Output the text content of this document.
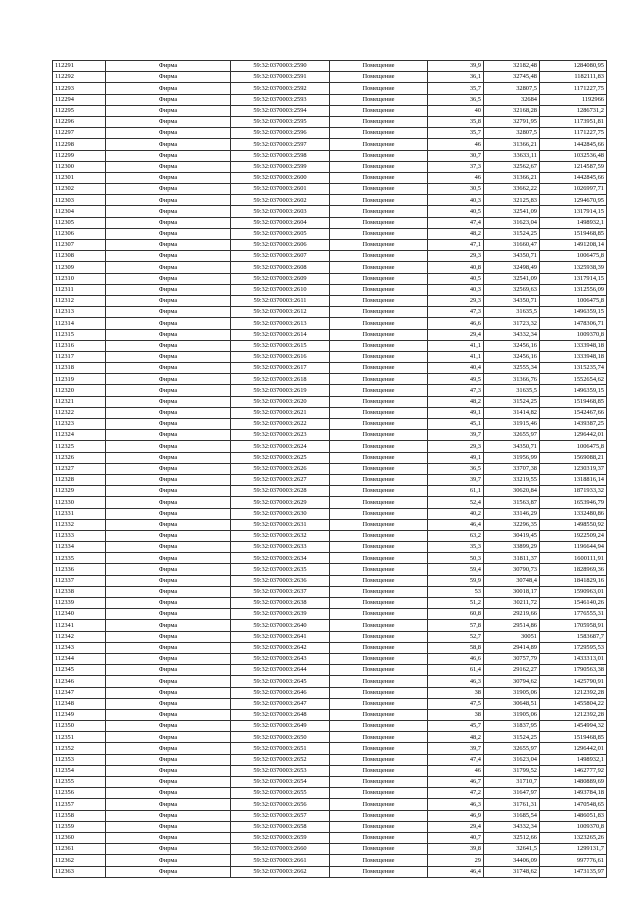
112291	Фирма	59:32:0370003:2590	Помещение	39,9	32182,48	1284080,95
112292	Фирма	59:32:0370003:2591	Помещение	36,1	32745,48	1182111,83
112293	Фирма	59:32:0370003:2592	Помещение	35,7	32807,5	1171227,75
112294	Фирма	59:32:0370003:2593	Помещение	36,5	32684	1192966
112295	Фирма	59:32:0370003:2594	Помещение	40	32168,28	1286731,2
112296	Фирма	59:32:0370003:2595	Помещение	35,8	32791,95	1173951,81
112297	Фирма	59:32:0370003:2596	Помещение	35,7	32807,5	1171227,75
112298	Фирма	59:32:0370003:2597	Помещение	46	31366,21	1442845,66
112299	Фирма	59:32:0370003:2598	Помещение	30,7	33633,11	1032536,48
112300	Фирма	59:32:0370003:2599	Помещение	37,3	32562,67	1214587,59
112301	Фирма	59:32:0370003:2600	Помещение	46	31366,21	1442845,66
112302	Фирма	59:32:0370003:2601	Помещение	30,5	33662,22	1026997,71
112303	Фирма	59:32:0370003:2602	Помещение	40,3	32125,83	1294670,95
112304	Фирма	59:32:0370003:2603	Помещение	40,5	32541,09	1317914,15
112305	Фирма	59:32:0370003:2604	Помещение	47,4	31623,04	1498932,1
112306	Фирма	59:32:0370003:2605	Помещение	48,2	31524,25	1519468,85
112307	Фирма	59:32:0370003:2606	Помещение	47,1	31660,47	1491208,14
112308	Фирма	59:32:0370003:2607	Помещение	29,3	34350,71	1006475,8
112309	Фирма	59:32:0370003:2608	Помещение	40,8	32498,49	1325938,39
112310	Фирма	59:32:0370003:2609	Помещение	40,5	32541,09	1317914,15
112311	Фирма	59:32:0370003:2610	Помещение	40,3	32569,63	1312556,09
112312	Фирма	59:32:0370003:2611	Помещение	29,3	34350,71	1006475,8
112313	Фирма	59:32:0370003:2612	Помещение	47,3	31635,5	1496359,15
112314	Фирма	59:32:0370003:2613	Помещение	46,6	31723,32	1478306,71
112315	Фирма	59:32:0370003:2614	Помещение	29,4	34332,34	1009370,8
112316	Фирма	59:32:0370003:2615	Помещение	41,1	32456,16	1333948,18
112317	Фирма	59:32:0370003:2616	Помещение	41,1	32456,16	1333948,18
112318	Фирма	59:32:0370003:2617	Помещение	40,4	32555,34	1315235,74
112319	Фирма	59:32:0370003:2618	Помещение	49,5	31366,76	1552654,62
112320	Фирма	59:32:0370003:2619	Помещение	47,3	31635,5	1496359,15
112321	Фирма	59:32:0370003:2620	Помещение	48,2	31524,25	1519468,85
112322	Фирма	59:32:0370003:2621	Помещение	49,1	31414,82	1542467,66
112323	Фирма	59:32:0370003:2622	Помещение	45,1	31915,46	1439387,25
112324	Фирма	59:32:0370003:2623	Помещение	39,7	32655,97	1296442,01
112325	Фирма	59:32:0370003:2624	Помещение	29,3	34350,71	1006475,8
112326	Фирма	59:32:0370003:2625	Помещение	49,1	31956,99	1569088,21
112327	Фирма	59:32:0370003:2626	Помещение	36,5	33707,38	1230319,37
112328	Фирма	59:32:0370003:2627	Помещение	39,7	33219,55	1318816,14
112329	Фирма	59:32:0370003:2628	Помещение	61,1	30620,84	1871933,32
112330	Фирма	59:32:0370003:2629	Помещение	52,4	31563,87	1653946,79
112331	Фирма	59:32:0370003:2630	Помещение	40,2	33146,29	1332480,86
112332	Фирма	59:32:0370003:2631	Помещение	46,4	32296,35	1498550,92
112333	Фирма	59:32:0370003:2632	Помещение	63,2	30419,45	1922509,24
112334	Фирма	59:32:0370003:2633	Помещение	35,3	33899,29	1196644,94
112335	Фирма	59:32:0370003:2634	Помещение	50,3	31811,37	1600111,91
112336	Фирма	59:32:0370003:2635	Помещение	59,4	30790,73	1828969,36
112337	Фирма	59:32:0370003:2636	Помещение	59,9	30748,4	1841829,16
112338	Фирма	59:32:0370003:2637	Помещение	53	30018,17	1590963,01
112339	Фирма	59:32:0370003:2638	Помещение	51,2	30211,72	1546140,26
112340	Фирма	59:32:0370003:2639	Помещение	60,8	29219,66	1776555,31
112341	Фирма	59:32:0370003:2640	Помещение	57,8	29514,86	1705958,91
112342	Фирма	59:32:0370003:2641	Помещение	52,7	30051	1583687,7
112343	Фирма	59:32:0370003:2642	Помещение	58,8	29414,89	1729595,53
112344	Фирма	59:32:0370003:2643	Помещение	46,6	30757,79	1433313,01
112345	Фирма	59:32:0370003:2644	Помещение	61,4	29162,27	1790563,38
112346	Фирма	59:32:0370003:2645	Помещение	46,3	30794,62	1425790,91
112347	Фирма	59:32:0370003:2646	Помещение	38	31905,06	1212392,28
112348	Фирма	59:32:0370003:2647	Помещение	47,5	30648,51	1455804,22
112349	Фирма	59:32:0370003:2648	Помещение	38	31905,06	1212392,28
112350	Фирма	59:32:0370003:2649	Помещение	45,7	31837,95	1454994,32
112351	Фирма	59:32:0370003:2650	Помещение	48,2	31524,25	1519468,85
112352	Фирма	59:32:0370003:2651	Помещение	39,7	32655,97	1296442,01
112353	Фирма	59:32:0370003:2652	Помещение	47,4	31623,04	1498932,1
112354	Фирма	59:32:0370003:2653	Помещение	46	31799,52	1462777,92
112355	Фирма	59:32:0370003:2654	Помещение	46,7	31710,7	1480889,69
112356	Фирма	59:32:0370003:2655	Помещение	47,2	31647,97	1493784,18
112357	Фирма	59:32:0370003:2656	Помещение	46,3	31761,31	1470548,65
112358	Фирма	59:32:0370003:2657	Помещение	46,9	31685,54	1486051,83
112359	Фирма	59:32:0370003:2658	Помещение	29,4	34332,34	1009370,8
112360	Фирма	59:32:0370003:2659	Помещение	40,7	32512,66	1323265,26
112361	Фирма	59:32:0370003:2660	Помещение	39,8	32641,5	1299131,7
112362	Фирма	59:32:0370003:2661	Помещение	29	34406,09	997776,61
112363	Фирма	59:32:0370003:2662	Помещение	46,4	31748,62	1473135,97
